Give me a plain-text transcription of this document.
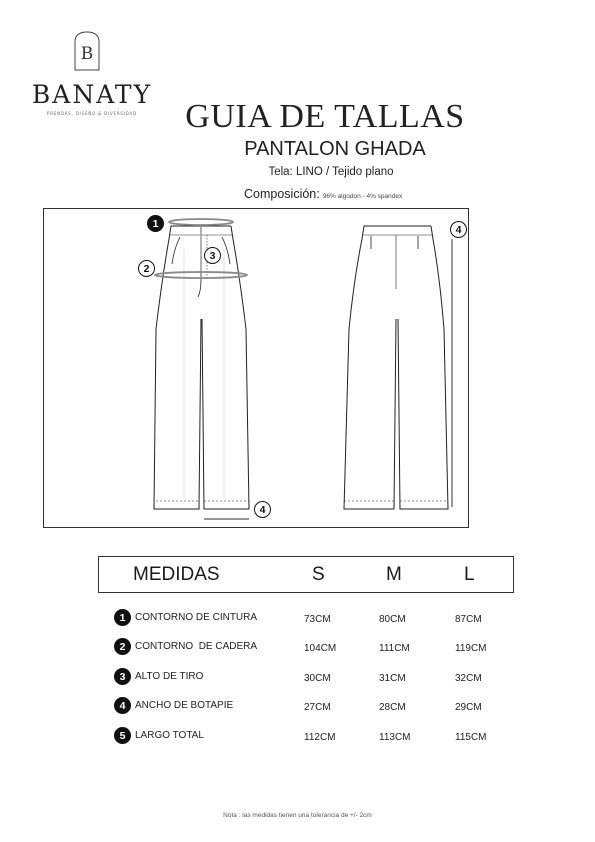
B
BANATY
PRENDAS, DISEÑO & DIVERSIDAD	GUIA DE TALLAS
PANTALON GHADA
Tela: LINO / Tejido plano
Composición: 96% algodon - 4% spandex
1
2
3
4
4
MEDIDAS	S	M	L
1 CONTORNO DE CINTURA	73CM	80CM	87CM
2 CONTORNO  DE CADERA	104CM	111CM	119CM
3 ALTO DE TIRO	30CM	31CM	32CM
4 ANCHO DE BOTAPIE	27CM	28CM	29CM
5 LARGO TOTAL	112CM	113CM	115CM
Nota : las medidas tienen una tolerancia de +/- 2cm
